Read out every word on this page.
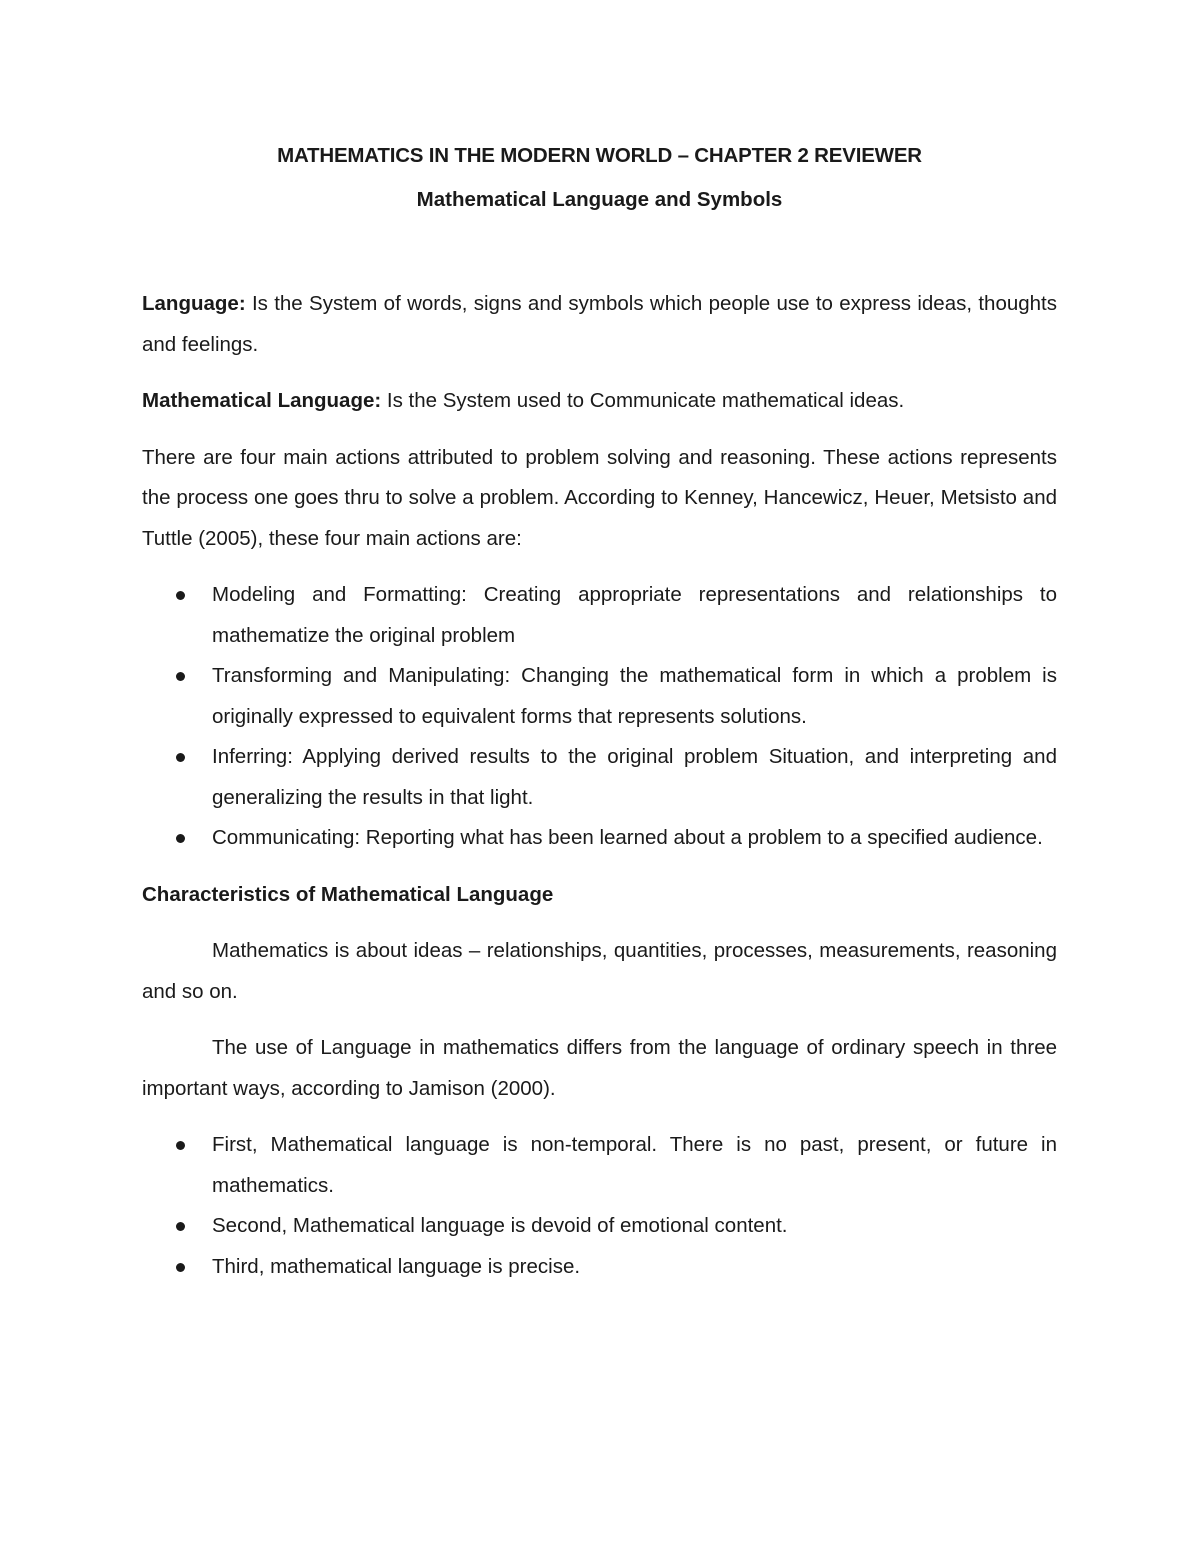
MATHEMATICS IN THE MODERN WORLD – CHAPTER 2 REVIEWER
Mathematical Language and Symbols

Language: Is the System of words, signs and symbols which people use to express ideas, thoughts and feelings.

Mathematical Language: Is the System used to Communicate mathematical ideas.

There are four main actions attributed to problem solving and reasoning. These actions represents the process one goes thru to solve a problem. According to Kenney, Hancewicz, Heuer, Metsisto and Tuttle (2005), these four main actions are:

Modeling and Formatting: Creating appropriate representations and relationships to mathematize the original problem
Transforming and Manipulating: Changing the mathematical form in which a problem is originally expressed to equivalent forms that represents solutions.
Inferring: Applying derived results to the original problem Situation, and interpreting and generalizing the results in that light.
Communicating: Reporting what has been learned about a problem to a specified audience.
Characteristics of Mathematical Language

Mathematics is about ideas – relationships, quantities, processes, measurements, reasoning and so on.

The use of Language in mathematics differs from the language of ordinary speech in three important ways, according to Jamison (2000).

First, Mathematical language is non-temporal. There is no past, present, or future in mathematics.
Second, Mathematical language is devoid of emotional content.
Third, mathematical language is precise.
